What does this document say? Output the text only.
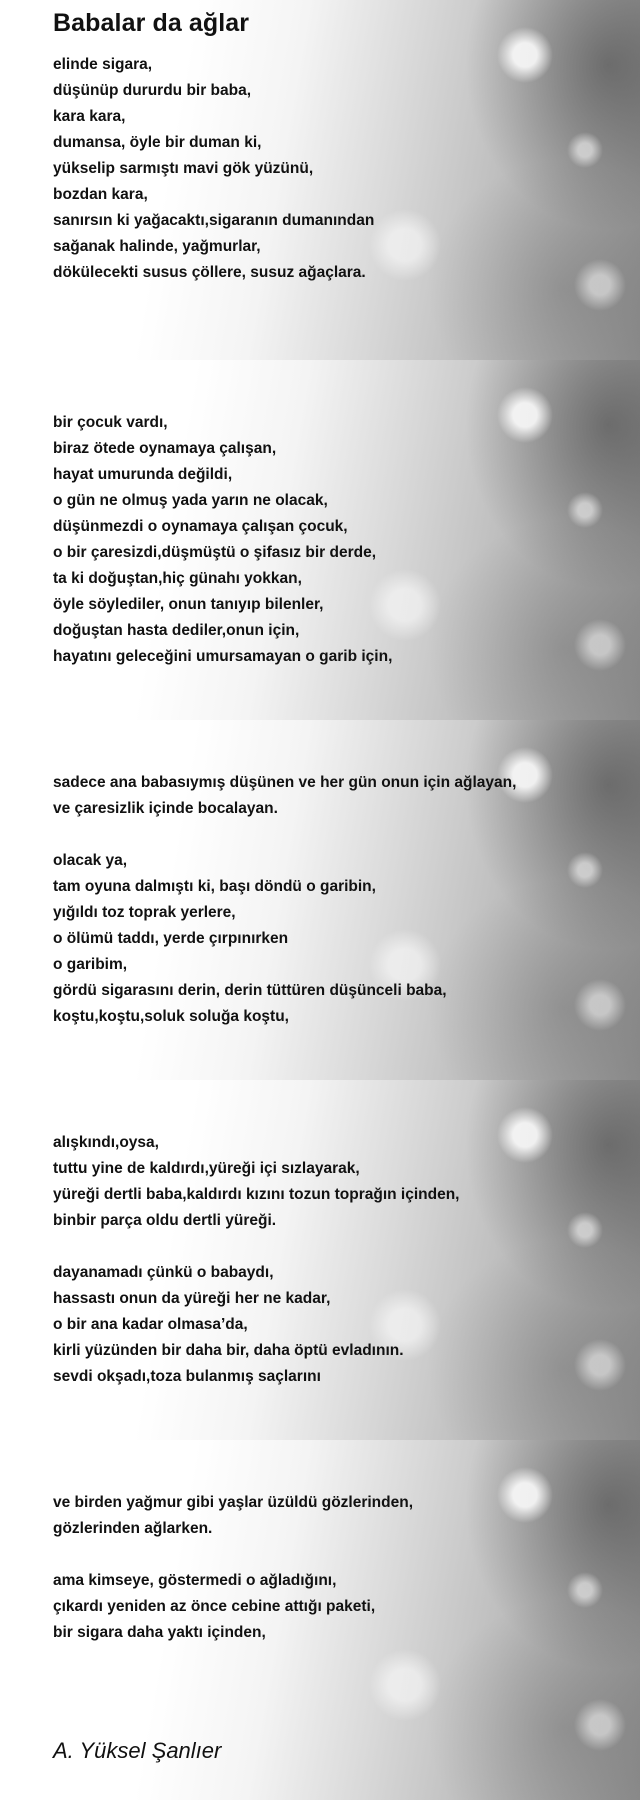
Babalar da ağlar
elinde sigara,
düşünüp dururdu bir baba,
kara kara,
dumansa, öyle bir duman ki,
yükselip sarmıştı mavi gök yüzünü,
bozdan kara,
sanırsın ki yağacaktı,sigaranın dumanından
sağanak halinde, yağmurlar,
dökülecekti susus çöllere, susuz ağaçlara.
bir çocuk vardı,
biraz ötede oynamaya çalışan,
hayat umurunda değildi,
o gün ne olmuş yada yarın ne olacak,
düşünmezdi o oynamaya çalışan çocuk,
o bir çaresizdi,düşmüştü o şifasız bir derde,
ta ki doğuştan,hiç günahı yokkan,
öyle söylediler, onun tanıyıp bilenler,
doğuştan hasta dediler,onun için,
hayatını geleceğini umursamayan o garib için,
sadece ana babasıymış düşünen ve her gün onun için ağlayan,
ve çaresizlik içinde bocalayan.
olacak ya,
tam oyuna dalmıştı ki, başı döndü o garibin,
yığıldı toz toprak yerlere,
o ölümü taddı, yerde çırpınırken
o garibim,
gördü sigarasını derin, derin tüttüren düşünceli baba,
koştu,koştu,soluk soluğa koştu,
alışkındı,oysa,
tuttu yine de kaldırdı,yüreği içi sızlayarak,
yüreği dertli baba,kaldırdı kızını tozun toprağın içinden,
binbir parça oldu dertli yüreği.
dayanamadı çünkü o babaydı,
hassastı onun da yüreği her ne kadar,
o bir ana kadar olmasa’da,
kirli yüzünden bir daha bir, daha öptü evladının.
sevdi okşadı,toza bulanmış saçlarını
ve birden yağmur gibi yaşlar üzüldü gözlerinden,
gözlerinden ağlarken.
ama kimseye, göstermedi o ağladığını,
çıkardı yeniden az önce cebine attığı paketi,
bir sigara daha yaktı içinden,
A. Yüksel Şanlıer
